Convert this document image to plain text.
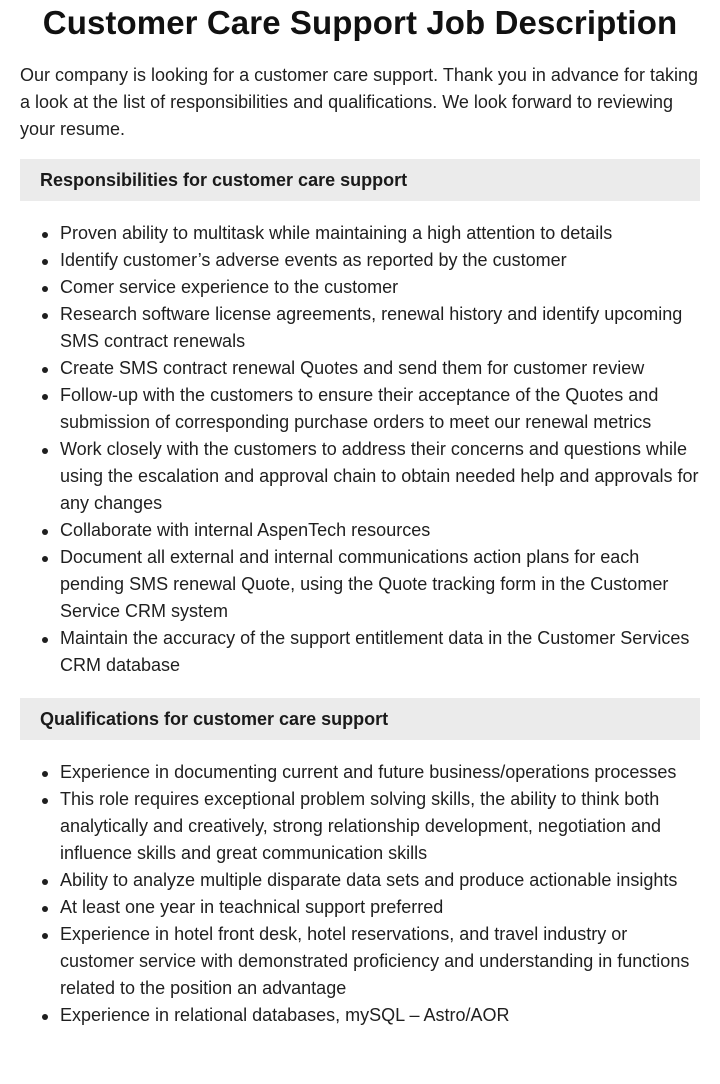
Customer Care Support Job Description

Our company is looking for a customer care support. Thank you in advance for taking a look at the list of responsibilities and qualifications. We look forward to reviewing your resume.

Responsibilities for customer care support
Proven ability to multitask while maintaining a high attention to details
Identify customer’s adverse events as reported by the customer
Comer service experience to the customer
Research software license agreements, renewal history and identify upcoming SMS contract renewals
Create SMS contract renewal Quotes and send them for customer review
Follow-up with the customers to ensure their acceptance of the Quotes and submission of corresponding purchase orders to meet our renewal metrics
Work closely with the customers to address their concerns and questions while using the escalation and approval chain to obtain needed help and approvals for any changes
Collaborate with internal AspenTech resources
Document all external and internal communications action plans for each pending SMS renewal Quote, using the Quote tracking form in the Customer Service CRM system
Maintain the accuracy of the support entitlement data in the Customer Services CRM database
Qualifications for customer care support
Experience in documenting current and future business/operations processes
This role requires exceptional problem solving skills, the ability to think both analytically and creatively, strong relationship development, negotiation and influence skills and great communication skills
Ability to analyze multiple disparate data sets and produce actionable insights
At least one year in teachnical support preferred
Experience in hotel front desk, hotel reservations, and travel industry or customer service with demonstrated proficiency and understanding in functions related to the position an advantage
Experience in relational databases, mySQL – Astro/AOR
